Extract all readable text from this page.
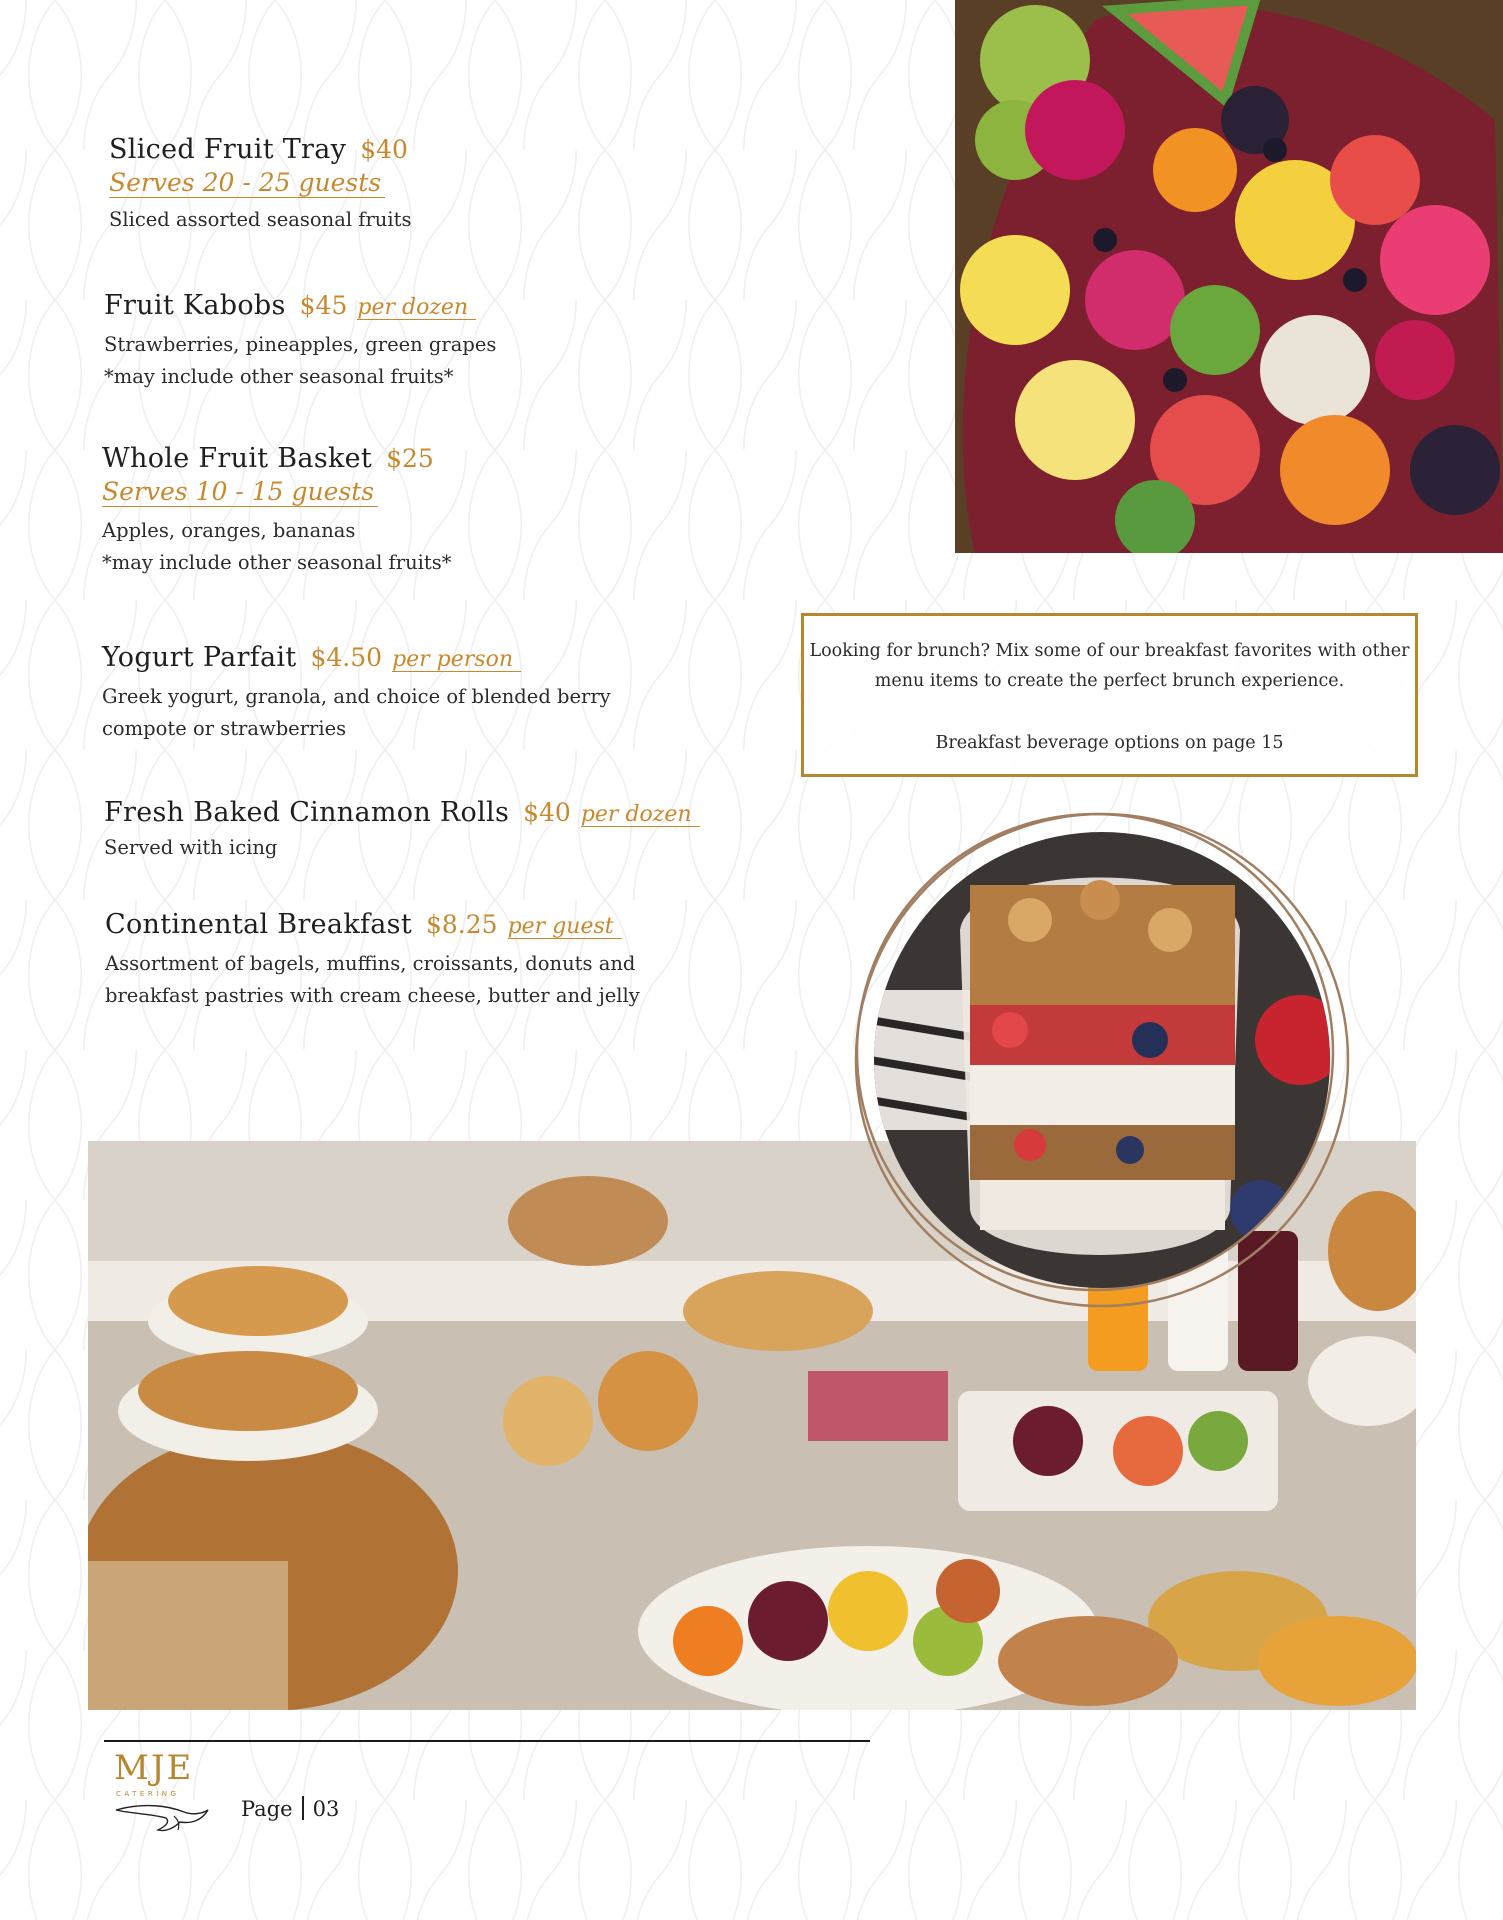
Sliced Fruit Tray $40
Serves 20 - 25 guests
Sliced assorted seasonal fruits
Fruit Kabobs $45 per dozen
Strawberries, pineapples, green grapes
*may include other seasonal fruits*
Whole Fruit Basket $25
Serves 10 - 15 guests
Apples, oranges, bananas
*may include other seasonal fruits*
Yogurt Parfait $4.50 per person
Greek yogurt, granola, and choice of blended berry
compote or strawberries
Fresh Baked Cinnamon Rolls $40 per dozen
Served with icing
Continental Breakfast $8.25 per guest
Assortment of bagels, muffins, croissants, donuts and
breakfast pastries with cream cheese, butter and jelly

Looking for brunch? Mix some of our breakfast favorites with other

menu items to create the perfect brunch experience.

Breakfast beverage options on page 15

MJE
CATERING
Page 03
